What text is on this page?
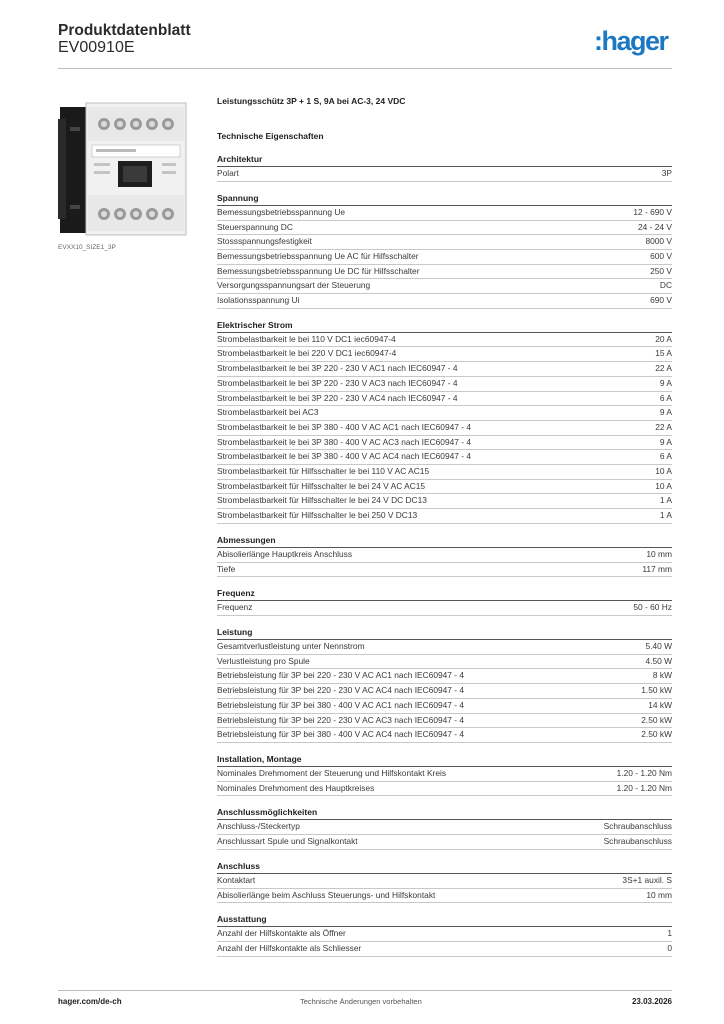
Produktdatenblatt
EV00910E	:hager
EVXX10_SIZE1_3P
Leistungsschütz 3P + 1 S, 9A bei AC-3, 24 VDC
Technische Eigenschaften
Architektur
Polart	3P
Spannung
Bemessungsbetriebsspannung Ue	12 - 690 V
Steuerspannung DC	24 - 24 V
Stossspannungsfestigkeit	8000 V
Bemessungsbetriebsspannung Ue AC für Hilfsschalter	600 V
Bemessungsbetriebsspannung Ue DC für Hilfsschalter	250 V
Versorgungsspannungsart der Steuerung	DC
Isolationsspannung Ui	690 V
Elektrischer Strom
Strombelastbarkeit le bei 110 V DC1 iec60947-4	20 A
Strombelastbarkeit le bei 220 V DC1 iec60947-4	15 A
Strombelastbarkeit le bei 3P 220 - 230 V AC1 nach IEC60947 - 4	22 A
Strombelastbarkeit le bei 3P 220 - 230 V AC3 nach IEC60947 - 4	9 A
Strombelastbarkeit le bei 3P 220 - 230 V AC4 nach IEC60947 - 4	6 A
Strombelastbarkeit bei AC3	9 A
Strombelastbarkeit le bei 3P 380 - 400 V AC AC1 nach IEC60947 - 4	22 A
Strombelastbarkeit le bei 3P 380 - 400 V AC AC3 nach IEC60947 - 4	9 A
Strombelastbarkeit le bei 3P 380 - 400 V AC AC4 nach IEC60947 - 4	6 A
Strombelastbarkeit für Hilfsschalter le bei 110 V AC AC15	10 A
Strombelastbarkeit für Hilfsschalter le bei 24 V AC AC15	10 A
Strombelastbarkeit für Hilfsschalter le bei 24 V DC DC13	1 A
Strombelastbarkeit für Hilfsschalter le bei 250 V DC13	1 A
Abmessungen
Abisolierlänge Hauptkreis Anschluss	10 mm
Tiefe	117 mm
Frequenz
Frequenz	50 - 60 Hz
Leistung
Gesamtverlustleistung unter Nennstrom	5.40 W
Verlustleistung pro Spule	4.50 W
Betriebsleistung für 3P bei 220 - 230 V AC AC1 nach IEC60947 - 4	8 kW
Betriebsleistung für 3P bei 220 - 230 V AC AC4 nach IEC60947 - 4	1.50 kW
Betriebsleistung für 3P bei 380 - 400 V AC AC1 nach IEC60947 - 4	14 kW
Betriebsleistung für 3P bei 220 - 230 V AC AC3 nach IEC60947 - 4	2.50 kW
Betriebsleistung für 3P bei 380 - 400 V AC AC4 nach IEC60947 - 4	2.50 kW
Installation, Montage
Nominales Drehmoment der Steuerung und Hilfskontakt Kreis	1.20 - 1.20 Nm
Nominales Drehmoment des Hauptkreises	1.20 - 1.20 Nm
Anschlussmöglichkeiten
Anschluss-/Steckertyp	Schraubanschluss
Anschlussart Spule und Signalkontakt	Schraubanschluss
Anschluss
Kontaktart	3S+1 auxil. S
Abisolierlänge beim Aschluss Steuerungs- und Hilfskontakt	10 mm
Ausstattung
Anzahl der Hilfskontakte als Öffner	1
Anzahl der Hilfskontakte als Schliesser	0
hager.com/de-ch	Technische Änderungen vorbehalten	23.03.2026
